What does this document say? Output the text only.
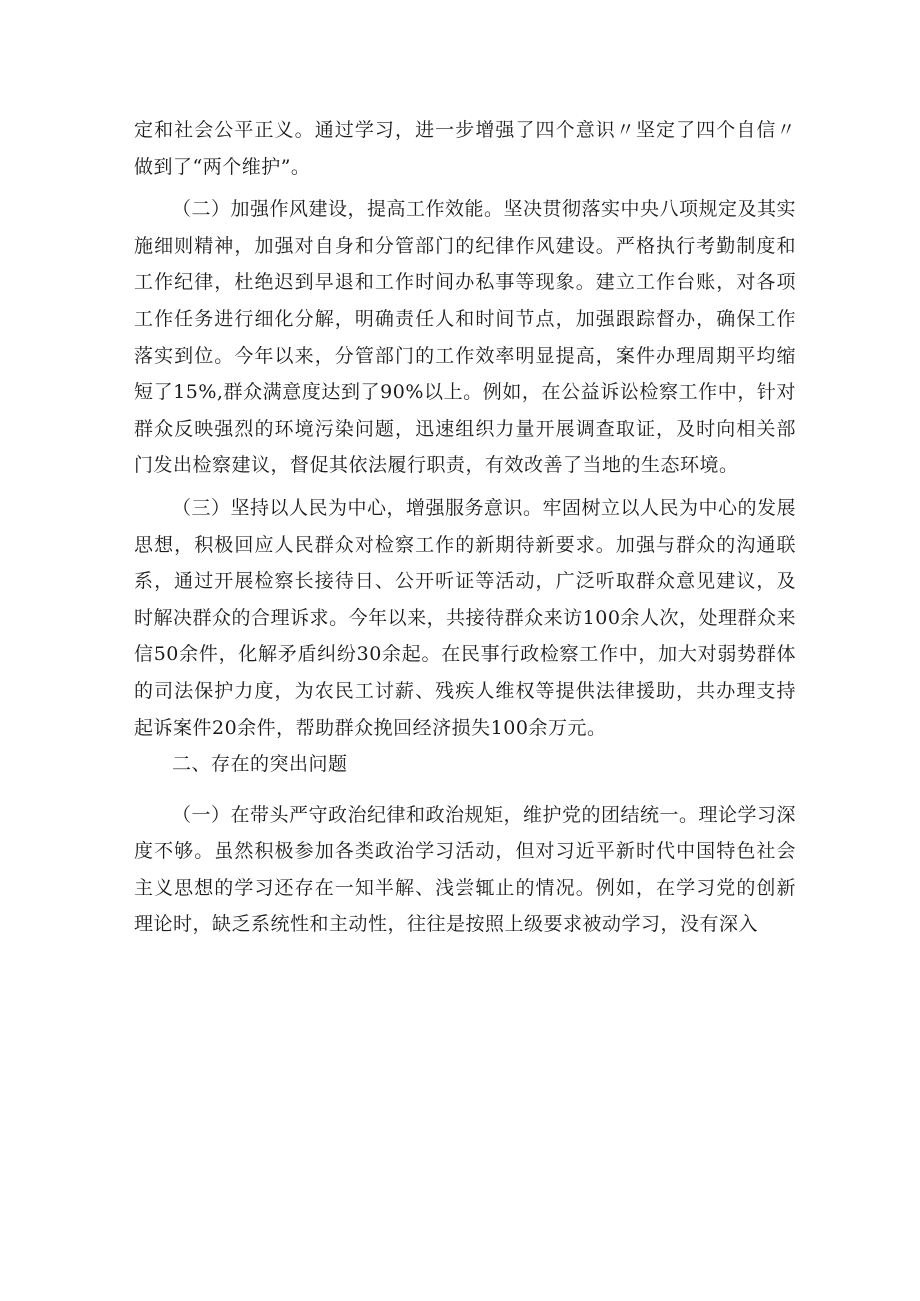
定和社会公平正义。通过学习，进一步增强了四个意识〃坚定了四个自信〃做到了“两个维护”。

（二）加强作风建设，提高工作效能。坚决贯彻落实中央八项规定及其实施细则精神，加强对自身和分管部门的纪律作风建设。严格执行考勤制度和工作纪律，杜绝迟到早退和工作时间办私事等现象。建立工作台账，对各项工作任务进行细化分解，明确责任人和时间节点，加强跟踪督办，确保工作落实到位。今年以来，分管部门的工作效率明显提高，案件办理周期平均缩短了15%,群众满意度达到了90%以上。例如，在公益诉讼检察工作中，针对群众反映强烈的环境污染问题，迅速组织力量开展调查取证，及时向相关部门发出检察建议，督促其依法履行职责，有效改善了当地的生态环境。

（三）坚持以人民为中心，增强服务意识。牢固树立以人民为中心的发展思想，积极回应人民群众对检察工作的新期待新要求。加强与群众的沟通联系，通过开展检察长接待日、公开听证等活动，广泛听取群众意见建议，及时解决群众的合理诉求。今年以来，共接待群众来访100余人次，处理群众来信50余件，化解矛盾纠纷30余起。在民事行政检察工作中，加大对弱势群体的司法保护力度，为农民工讨薪、残疾人维权等提供法律援助，共办理支持起诉案件20余件，帮助群众挽回经济损失100余万元。

二、存在的突出问题

（一）在带头严守政治纪律和政治规矩，维护党的团结统一。理论学习深度不够。虽然积极参加各类政治学习活动，但对习近平新时代中国特色社会主义思想的学习还存在一知半解、浅尝辄止的情况。例如，在学习党的创新理论时，缺乏系统性和主动性，往往是按照上级要求被动学习，没有深入
